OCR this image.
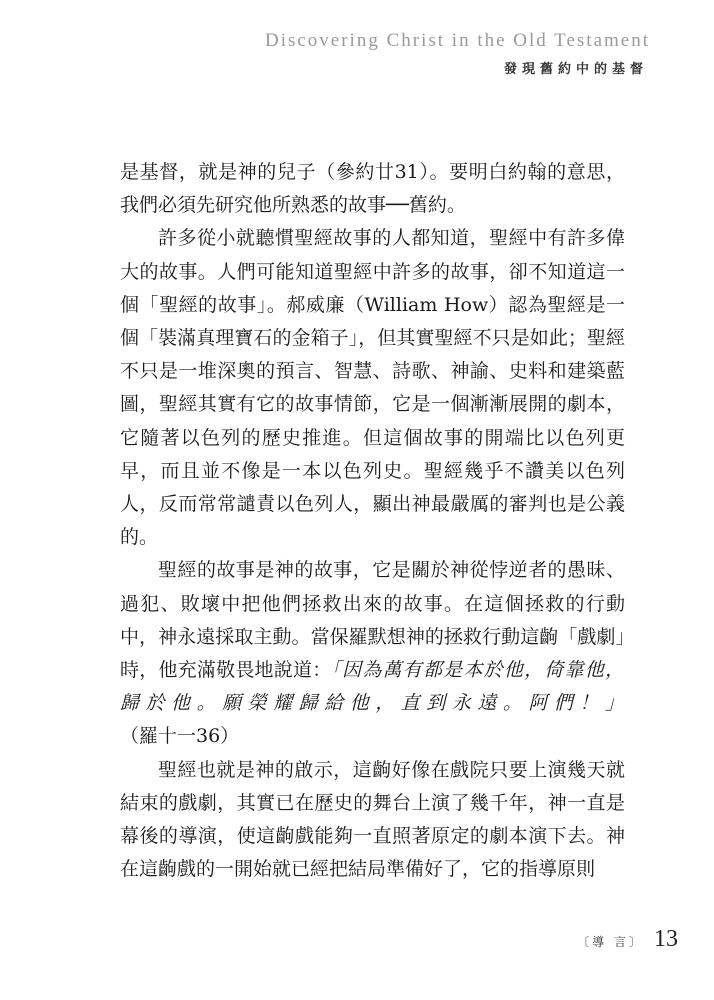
Discovering Christ in the Old Testament
發現舊約中的基督

是基督，就是神的兒子（參約廿31）。要明白約翰的意思，我們必須先研究他所熟悉的故事──舊約。

許多從小就聽慣聖經故事的人都知道，聖經中有許多偉大的故事。人們可能知道聖經中許多的故事，卻不知道這一個「聖經的故事」。郝威廉（William How）認為聖經是一個「裝滿真理寶石的金箱子」，但其實聖經不只是如此；聖經不只是一堆深奧的預言、智慧、詩歌、神諭、史料和建築藍圖，聖經其實有它的故事情節，它是一個漸漸展開的劇本，它隨著以色列的歷史推進。但這個故事的開端比以色列更早，而且並不像是一本以色列史。聖經幾乎不讚美以色列人，反而常常譴責以色列人，顯出神最嚴厲的審判也是公義的。

聖經的故事是神的故事，它是關於神從悖逆者的愚昧、過犯、敗壞中把他們拯救出來的故事。在這個拯救的行動中，神永遠採取主動。當保羅默想神的拯救行動這齣「戲劇」時，他充滿敬畏地說道：「因為萬有都是本於他，倚靠他，歸於他。願榮耀歸給他，直到永遠。阿們！」（羅十一36）

聖經也就是神的啟示，這齣好像在戲院只要上演幾天就結束的戲劇，其實已在歷史的舞台上演了幾千年，神一直是幕後的導演，使這齣戲能夠一直照著原定的劇本演下去。神在這齣戲的一開始就已經把結局準備好了，它的指導原則

〔導 言〕 13
